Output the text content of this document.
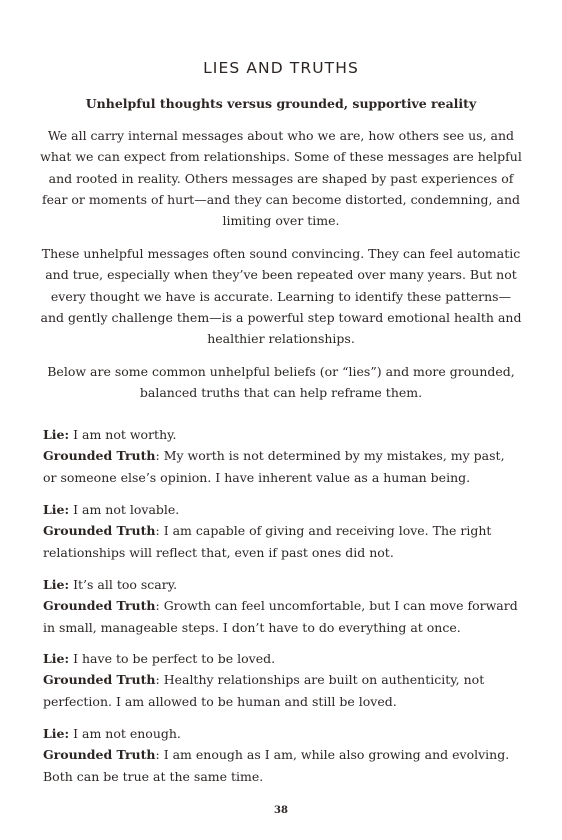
LIES AND TRUTHS
Unhelpful thoughts versus grounded, supportive reality

We all carry internal messages about who we are, how others see us, and what we can expect from relationships. Some of these messages are helpful and rooted in reality. Others messages are shaped by past experiences of fear or moments of hurt—and they can become distorted, condemning, and limiting over time.

These unhelpful messages often sound convincing. They can feel automatic and true, especially when they’ve been repeated over many years. But not every thought we have is accurate. Learning to identify these patterns—and gently challenge them—is a powerful step toward emotional health and healthier relationships.

Below are some common unhelpful beliefs (or “lies”) and more grounded, balanced truths that can help reframe them.

Lie: I am not worthy.
Grounded Truth: My worth is not determined by my mistakes, my past, or someone else’s opinion. I have inherent value as a human being.
Lie: I am not lovable.
Grounded Truth: I am capable of giving and receiving love. The right relationships will reflect that, even if past ones did not.
Lie: It’s all too scary.
Grounded Truth: Growth can feel uncomfortable, but I can move forward in small, manageable steps. I don’t have to do everything at once.
Lie: I have to be perfect to be loved.
Grounded Truth: Healthy relationships are built on authenticity, not perfection. I am allowed to be human and still be loved.
Lie: I am not enough.
Grounded Truth: I am enough as I am, while also growing and evolving. Both can be true at the same time.
38
